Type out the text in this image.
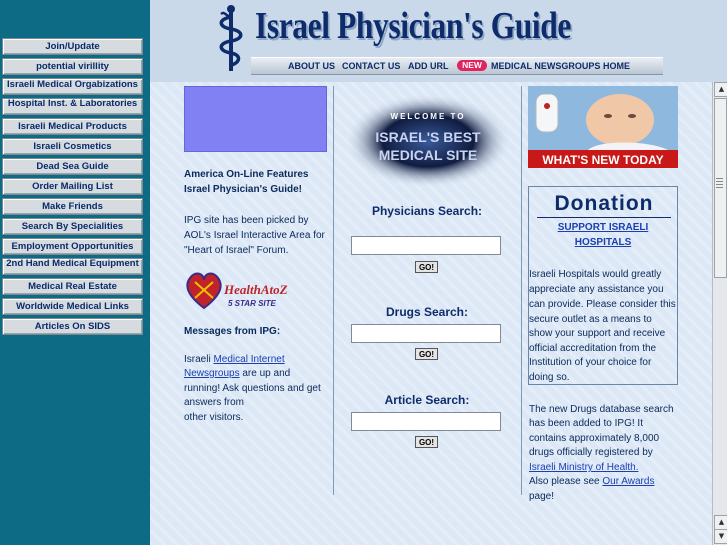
Join/Update
potential virillity
Israeli Medical Orgabizations
Hospital Inst. & Laboratories
Israeli Medical Products
Israeli Cosmetics
Dead Sea Guide
Order Mailing List
Make Friends
Search By Specialities
Employment Opportunities
2nd Hand Medical Equipment
Medical Real Estate
Worldwide Medical Links
Articles On SIDS
Israel Physician's Guide
ABOUT US CONTACT US ADD URL	NEW	MEDICAL NEWSGROUPS HOME
America On-Line Features
Israel Physician's Guide!
IPG site has been picked by
AOL's Israel Interactive Area for
"Heart of Israel" Forum.
HealthAtoZ
5 STAR SITE
Messages from IPG:
Israeli Medical Internet
Newsgroups are up and
running! Ask questions and get
answers from
other visitors.
WELCOME TO
ISRAEL'S BEST
MEDICAL SITE
Physicians Search:
GO!
Drugs Search:
GO!
Article Search:
GO!
WHAT'S NEW TODAY
Donation
SUPPORT ISRAELI
HOSPITALS
Israeli Hospitals would greatly
appreciate any assistance you
can provide. Please consider this
secure outlet as a means to
show your support and receive
official accreditation from the
Institution of your choice for
doing so.
The new Drugs database search
has been added to IPG! It
contains approximately 8,000
drugs officially registered by
Israeli Ministry of Health.
Also please see Our Awards
page!
▲
▲
▼
